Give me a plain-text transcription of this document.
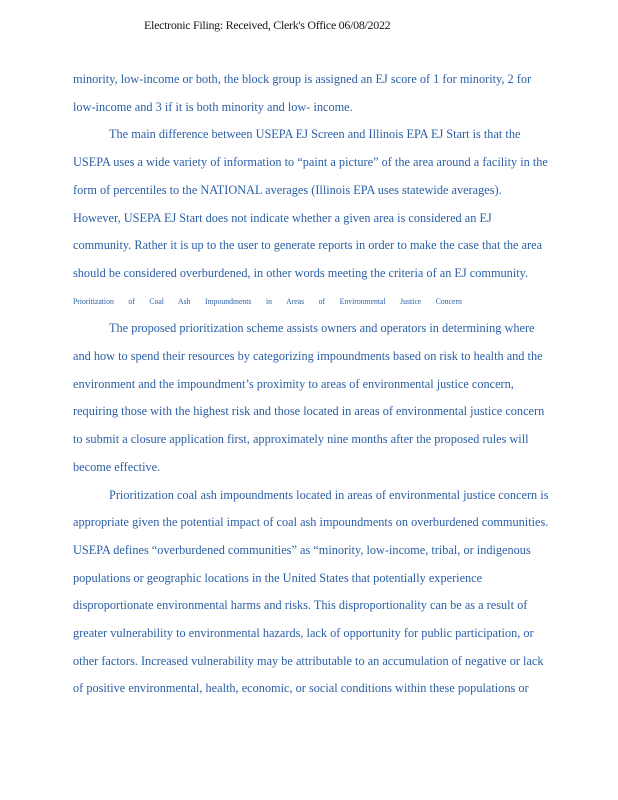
Electronic Filing: Received, Clerk's Office 06/08/2022

minority, low-income or both, the block group is assigned an EJ score of 1 for minority, 2 for
low-income and 3 if it is both minority and low- income.

The main difference between USEPA EJ Screen and Illinois EPA EJ Start is that the
USEPA uses a wide variety of information to “paint a picture” of the area around a facility in the
form of percentiles to the NATIONAL averages (Illinois EPA uses statewide averages).
However, USEPA EJ Start does not indicate whether a given area is considered an EJ
community. Rather it is up to the user to generate reports in order to make the case that the area
should be considered overburdened, in other words meeting the criteria of an EJ community.

Prioritization of Coal Ash Impoundments in Areas of Environmental Justice Concern

The proposed prioritization scheme assists owners and operators in determining where
and how to spend their resources by categorizing impoundments based on risk to health and the
environment and the impoundment’s proximity to areas of environmental justice concern,
requiring those with the highest risk and those located in areas of environmental justice concern
to submit a closure application first, approximately nine months after the proposed rules will
become effective.

Prioritization coal ash impoundments located in areas of environmental justice concern is
appropriate given the potential impact of coal ash impoundments on overburdened communities.
USEPA defines “overburdened communities” as “minority, low-income, tribal, or indigenous
populations or geographic locations in the United States that potentially experience
disproportionate environmental harms and risks. This disproportionality can be as a result of
greater vulnerability to environmental hazards, lack of opportunity for public participation, or
other factors. Increased vulnerability may be attributable to an accumulation of negative or lack
of positive environmental, health, economic, or social conditions within these populations or
